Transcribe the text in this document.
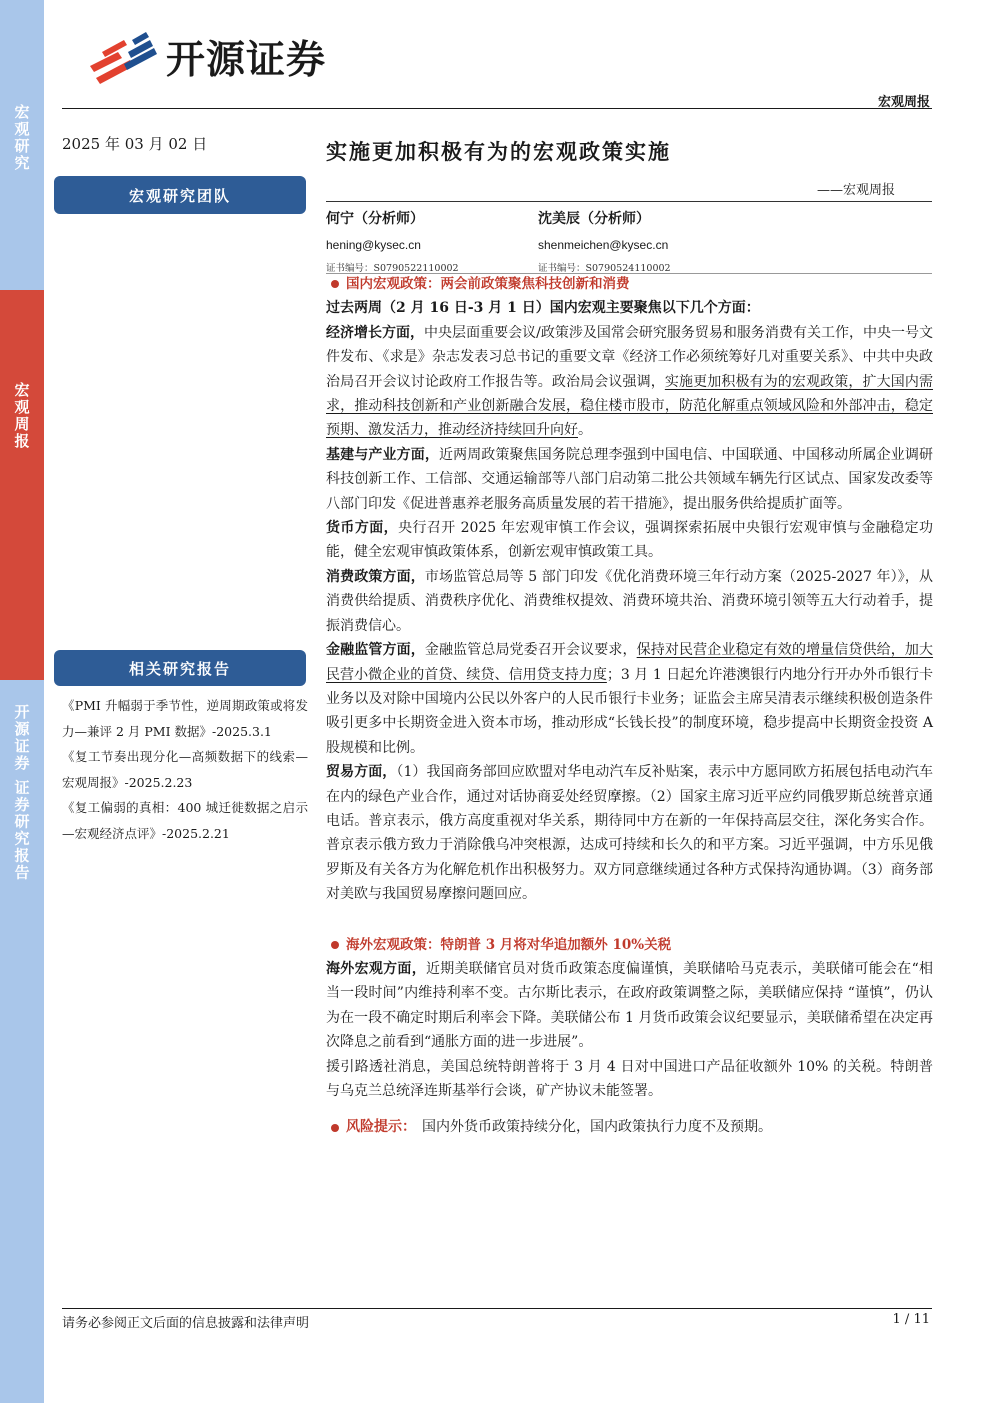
宏观研究
宏观周报
开源证券 证券研究报告
开源证券
宏观周报
2025 年 03 月 02 日	实施更加积极有为的宏观政策实施
——宏观周报
宏观研究团队
何宁（分析师）
hening@kysec.cn
证书编号：S0790522110002
沈美辰（分析师）
shenmeichen@kysec.cn
证书编号：S0790524110002
相关研究报告

《PMI 升幅弱于季节性，逆周期政策或将发力—兼评 2 月 PMI 数据》-2025.3.1

《复工节奏出现分化—高频数据下的线索—宏观周报》-2025.2.23

《复工偏弱的真相：400 城迁徙数据之启示—宏观经济点评》-2025.2.21

国内宏观政策：两会前政策聚焦科技创新和消费

过去两周（2 月 16 日-3 月 1 日）国内宏观主要聚焦以下几个方面：

经济增长方面，中央层面重要会议/政策涉及国常会研究服务贸易和服务消费有关工作，中央一号文件发布、《求是》杂志发表习总书记的重要文章《经济工作必须统筹好几对重要关系》、中共中央政治局召开会议讨论政府工作报告等。政治局会议强调，实施更加积极有为的宏观政策，扩大国内需求，推动科技创新和产业创新融合发展，稳住楼市股市，防范化解重点领域风险和外部冲击，稳定预期、激发活力，推动经济持续回升向好。

基建与产业方面，近两周政策聚焦国务院总理李强到中国电信、中国联通、中国移动所属企业调研科技创新工作、工信部、交通运输部等八部门启动第二批公共领域车辆先行区试点、国家发改委等八部门印发《促进普惠养老服务高质量发展的若干措施》，提出服务供给提质扩面等。

货币方面，央行召开 2025 年宏观审慎工作会议，强调探索拓展中央银行宏观审慎与金融稳定功能，健全宏观审慎政策体系，创新宏观审慎政策工具。

消费政策方面，市场监管总局等 5 部门印发《优化消费环境三年行动方案（2025-2027 年）》，从消费供给提质、消费秩序优化、消费维权提效、消费环境共治、消费环境引领等五大行动着手，提振消费信心。

金融监管方面，金融监管总局党委召开会议要求，保持对民营企业稳定有效的增量信贷供给，加大民营小微企业的首贷、续贷、信用贷支持力度；3 月 1 日起允许港澳银行内地分行开办外币银行卡业务以及对除中国境内公民以外客户的人民币银行卡业务；证监会主席吴清表示继续积极创造条件吸引更多中长期资金进入资本市场，推动形成“长钱长投”的制度环境，稳步提高中长期资金投资 A 股规模和比例。

贸易方面，（1）我国商务部回应欧盟对华电动汽车反补贴案，表示中方愿同欧方拓展包括电动汽车在内的绿色产业合作，通过对话协商妥处经贸摩擦。（2）国家主席习近平应约同俄罗斯总统普京通电话。普京表示，俄方高度重视对华关系，期待同中方在新的一年保持高层交往，深化务实合作。普京表示俄方致力于消除俄乌冲突根源，达成可持续和长久的和平方案。习近平强调，中方乐见俄罗斯及有关各方为化解危机作出积极努力。双方同意继续通过各种方式保持沟通协调。（3）商务部对美欧与我国贸易摩擦问题回应。

海外宏观政策：特朗普 3 月将对华追加额外 10%关税

海外宏观方面，近期美联储官员对货币政策态度偏谨慎，美联储哈马克表示，美联储可能会在“相当一段时间”内维持利率不变。古尔斯比表示，在政府政策调整之际，美联储应保持 “谨慎”，仍认为在一段不确定时期后利率会下降。美联储公布 1 月货币政策会议纪要显示，美联储希望在决定再次降息之前看到“通胀方面的进一步进展”。

援引路透社消息，美国总统特朗普将于 3 月 4 日对中国进口产品征收额外 10% 的关税。特朗普与乌克兰总统泽连斯基举行会谈，矿产协议未能签署。

风险提示： 国内外货币政策持续分化，国内政策执行力度不及预期。
请务必参阅正文后面的信息披露和法律声明	1 / 11
